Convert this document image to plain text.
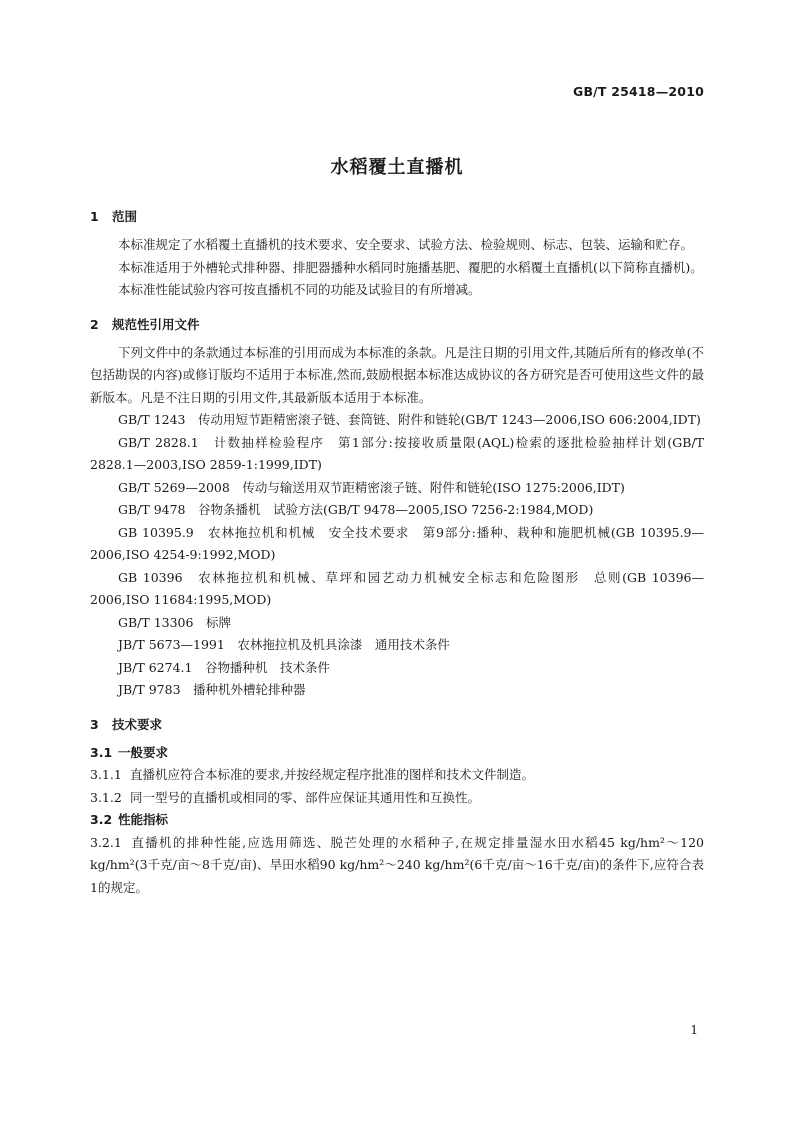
GB/T 25418—2010
水稻覆土直播机
1 范围
本标准规定了水稻覆土直播机的技术要求、安全要求、试验方法、检验规则、标志、包装、运输和贮存。
本标准适用于外槽轮式排种器、排肥器播种水稻同时施播基肥、覆肥的水稻覆土直播机(以下简称直播机)。
本标准性能试验内容可按直播机不同的功能及试验目的有所增减。
2 规范性引用文件
下列文件中的条款通过本标准的引用而成为本标准的条款。凡是注日期的引用文件,其随后所有的修改单(不包括勘误的内容)或修订版均不适用于本标准,然而,鼓励根据本标准达成协议的各方研究是否可使用这些文件的最新版本。凡是不注日期的引用文件,其最新版本适用于本标准。
GB/T 1243　传动用短节距精密滚子链、套筒链、附件和链轮(GB/T 1243—2006,ISO 606:2004,IDT)
GB/T 2828.1　计数抽样检验程序　第1部分:按接收质量限(AQL)检索的逐批检验抽样计划(GB/T 2828.1—2003,ISO 2859-1:1999,IDT)
GB/T 5269—2008　传动与输送用双节距精密滚子链、附件和链轮(ISO 1275:2006,IDT)
GB/T 9478　谷物条播机　试验方法(GB/T 9478—2005,ISO 7256-2:1984,MOD)
GB 10395.9　农林拖拉机和机械　安全技术要求　第9部分:播种、栽种和施肥机械(GB 10395.9—2006,ISO 4254-9:1992,MOD)
GB 10396　农林拖拉机和机械、草坪和园艺动力机械安全标志和危险图形　总则(GB 10396—2006,ISO 11684:1995,MOD)
GB/T 13306　标牌
JB/T 5673—1991　农林拖拉机及机具涂漆　通用技术条件
JB/T 6274.1　谷物播种机　技术条件
JB/T 9783　播种机外槽轮排种器
3 技术要求
3.1 一般要求
3.1.1 直播机应符合本标准的要求,并按经规定程序批准的图样和技术文件制造。
3.1.2 同一型号的直播机或相同的零、部件应保证其通用性和互换性。
3.2 性能指标
3.2.1 直播机的排种性能,应选用筛选、脱芒处理的水稻种子,在规定排量湿水田水稻45 kg/hm²～120 kg/hm²(3千克/亩～8千克/亩)、旱田水稻90 kg/hm²～240 kg/hm²(6千克/亩～16千克/亩)的条件下,应符合表1的规定。
1
